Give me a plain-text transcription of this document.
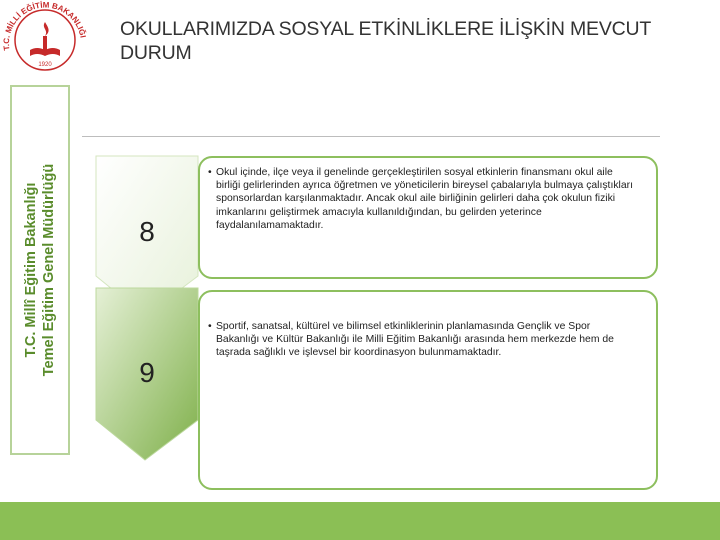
T.C. MİLLİ EĞİTİM BAKANLIĞI
1920
T.C. Millî Eğitim Bakanlığı Temel Eğitim Genel Müdürlüğü
OKULLARIMIZDA SOSYAL ETKİNLİKLERE İLİŞKİN MEVCUT DURUM
8
9
• Okul içinde, ilçe veya il genelinde gerçekleştirilen sosyal etkinlerin finansmanı okul aile birliği gelirlerinden ayrıca öğretmen ve yöneticilerin bireysel çabalarıyla bulmaya çalıştıkları sponsorlardan karşılanmaktadır. Ancak okul aile birliğinin gelirleri daha çok okulun fiziki imkanlarını geliştirmek amacıyla kullanıldığından, bu gelirden yeterince faydalanılamamaktadır.
• Sportif, sanatsal, kültürel ve bilimsel etkinliklerinin planlamasında Gençlik ve Spor Bakanlığı ve Kültür Bakanlığı ile Milli Eğitim Bakanlığı arasında hem merkezde hem de taşrada sağlıklı ve işlevsel bir koordinasyon bulunmamaktadır.
